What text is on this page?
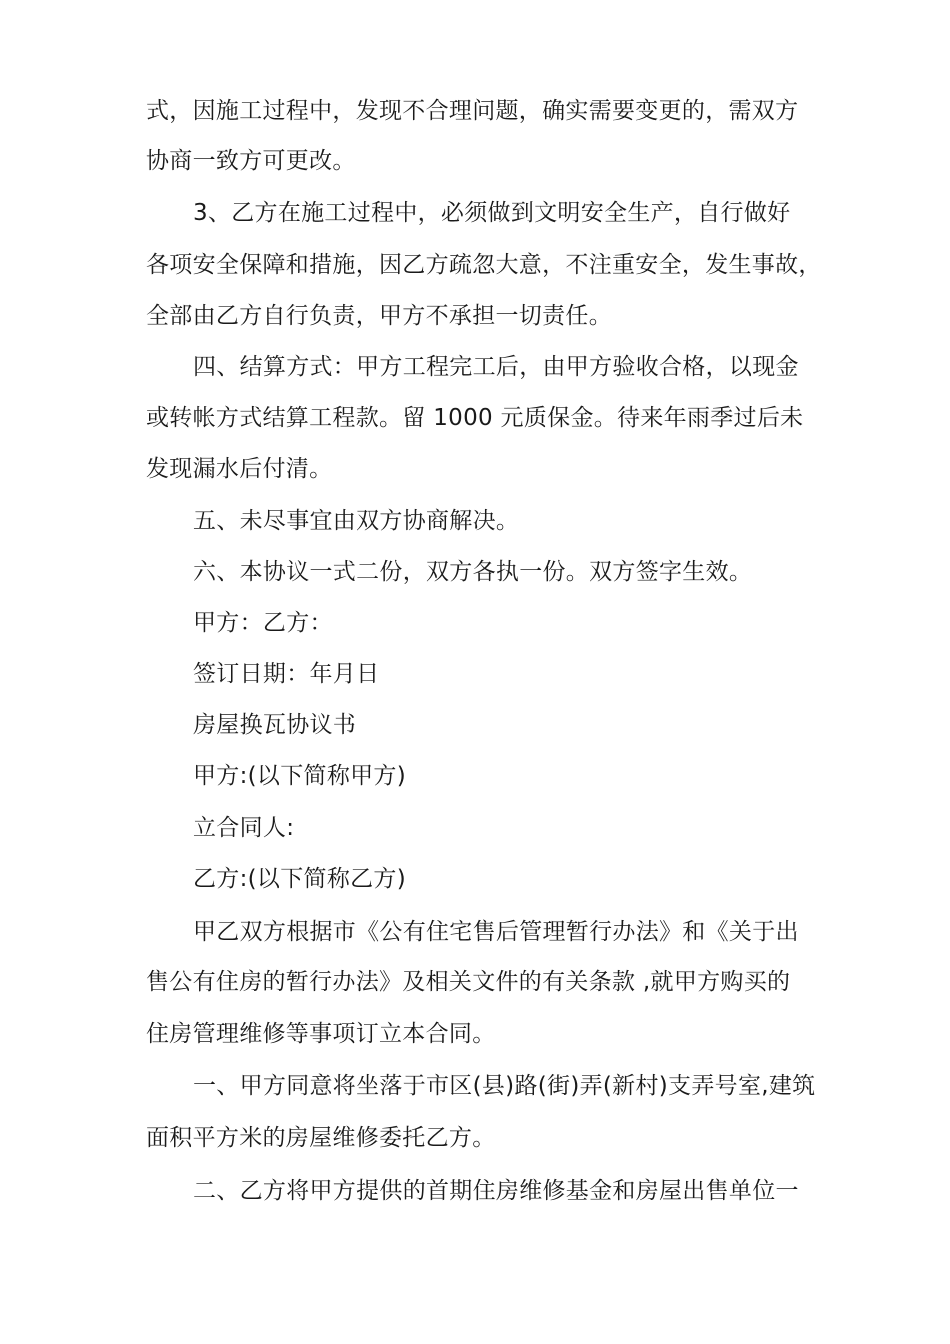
式，因施工过程中，发现不合理问题，确实需要变更的，需双方
协商一致方可更改。
3、乙方在施工过程中，必须做到文明安全生产，自行做好
各项安全保障和措施，因乙方疏忽大意，不注重安全，发生事故，
全部由乙方自行负责，甲方不承担一切责任。
四、结算方式：甲方工程完工后，由甲方验收合格，以现金
或转帐方式结算工程款。留 1000 元质保金。待来年雨季过后未
发现漏水后付清。
五、未尽事宜由双方协商解决。
六、本协议一式二份，双方各执一份。双方签字生效。
甲方：乙方：
签订日期：年月日
房屋换瓦协议书
甲方:(以下简称甲方)
立合同人:
乙方:(以下简称乙方)
甲乙双方根据市《公有住宅售后管理暂行办法》和《关于出
售公有住房的暂行办法》及相关文件的有关条款 ,就甲方购买的
住房管理维修等事项订立本合同。
一、甲方同意将坐落于市区(县)路(街)弄(新村)支弄号室,建筑
面积平方米的房屋维修委托乙方。
二、乙方将甲方提供的首期住房维修基金和房屋出售单位一
